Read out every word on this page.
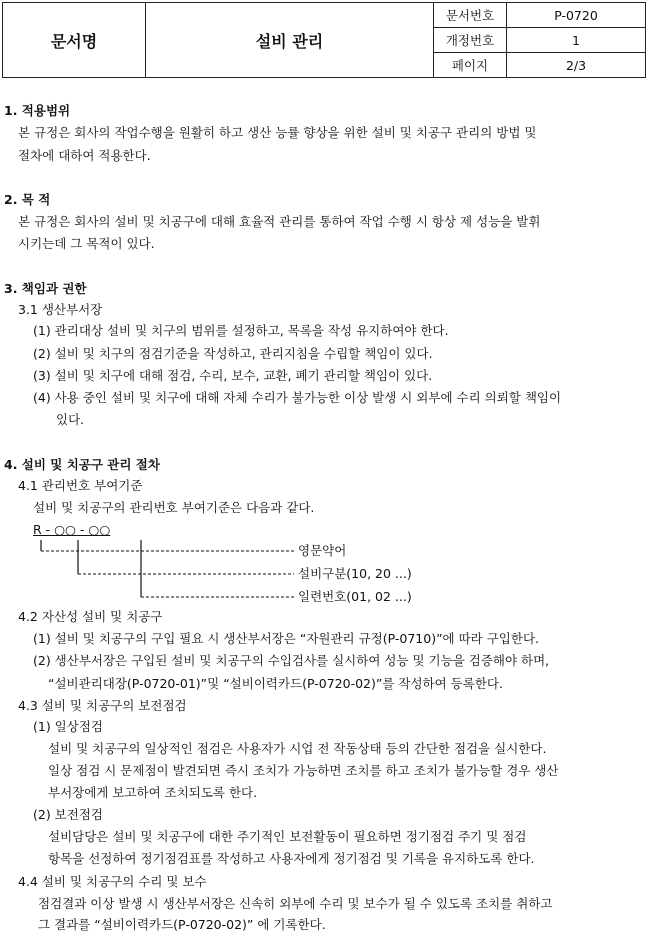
문서명	설비 관리	문서번호	P-0720
		개정번호	1
		페이지	2/3
1. 적용범위
본 규정은 회사의 작업수행을 원활히 하고 생산 능률 향상을 위한 설비 및 치공구 관리의 방법 및
절차에 대하여 적용한다.
2. 목 적
본 규정은 회사의 설비 및 치공구에 대해 효율적 관리를 통하여 작업 수행 시 항상 제 성능을 발휘
시키는데 그 목적이 있다.
3. 책임과 권한
3.1 생산부서장
(1) 관리대상 설비 및 치구의 범위를 설정하고, 목록을 작성 유지하여야 한다.
(2) 설비 및 치구의 점검기준을 작성하고, 관리지침을 수립할 책임이 있다.
(3) 설비 및 치구에 대해 점검, 수리, 보수, 교환, 폐기 관리할 책임이 있다.
(4) 사용 중인 설비 및 치구에 대해 자체 수리가 불가능한 이상 발생 시 외부에 수리 의뢰할 책임이
있다.
4. 설비 및 치공구 관리 절차
4.1 관리번호 부여기준
설비 및 치공구의 관리번호 부여기준은 다음과 같다.
R - ○○ - ○○
영문약어
설비구분(10, 20 ...)
일련번호(01, 02 ...)
4.2 자산성 설비 및 치공구
(1) 설비 및 치공구의 구입 필요 시 생산부서장은 “자원관리 규정(P-0710)”에 따라 구입한다.
(2) 생산부서장은 구입된 설비 및 치공구의 수입검사를 실시하여 성능 및 기능을 검증해야 하며,
“설비관리대장(P-0720-01)”및 “설비이력카드(P-0720-02)”를 작성하여 등록한다.
4.3 설비 및 치공구의 보전점검
(1) 일상점검
설비 및 치공구의 일상적인 점검은 사용자가 시업 전 작동상태 등의 간단한 점검을 실시한다.
일상 점검 시 문제점이 발견되면 즉시 조치가 가능하면 조치를 하고 조치가 불가능할 경우 생산
부서장에게 보고하여 조치되도록 한다.
(2) 보전점검
설비담당은 설비 및 치공구에 대한 주기적인 보전활동이 필요하면 정기점검 주기 및 점검
항목을 선정하여 정기점검표를 작성하고 사용자에게 정기점검 및 기록을 유지하도록 한다.
4.4 설비 및 치공구의 수리 및 보수
점검결과 이상 발생 시 생산부서장은 신속히 외부에 수리 및 보수가 될 수 있도록 조치를 취하고
그 결과를 “설비이력카드(P-0720-02)” 에 기록한다.
